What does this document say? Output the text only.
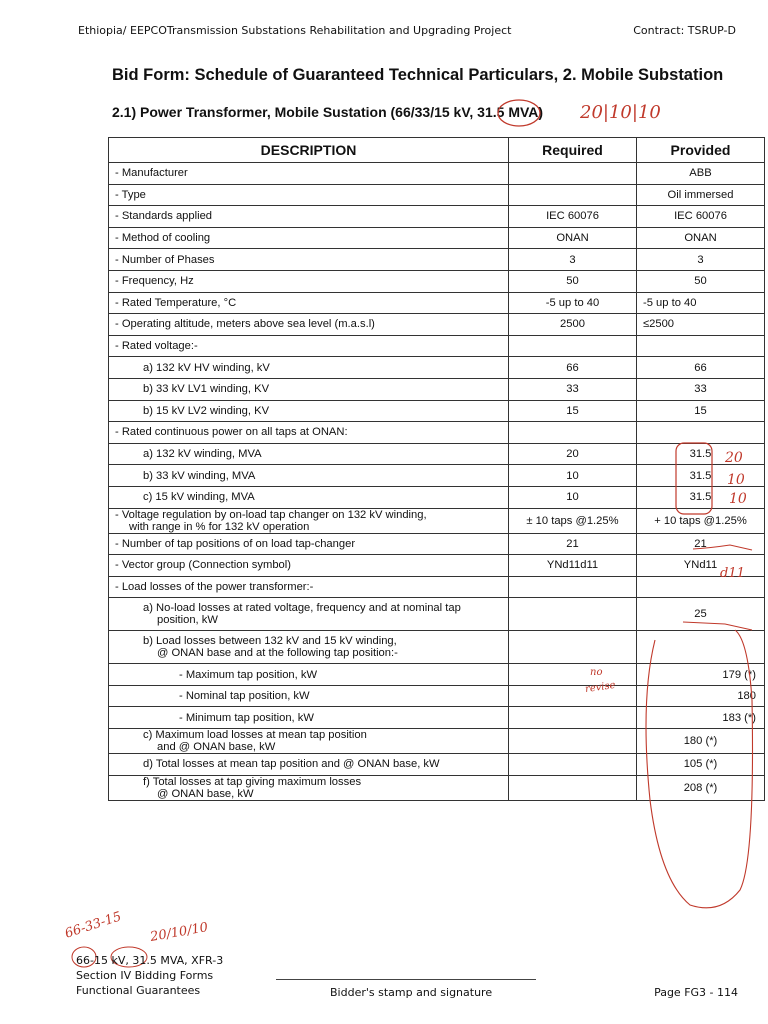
Ethiopia/ EEPCOTransmission Substations Rehabilitation and Upgrading Project	Contract: TSRUP-D
Bid Form: Schedule of Guaranteed Technical Particulars, 2. Mobile Substation
2.1) Power Transformer, Mobile Sustation (66/33/15 kV, 31.5 MVA)
DESCRIPTION	Required	Provided
- Manufacturer		ABB
- Type		Oil immersed
- Standards applied	IEC 60076	IEC 60076
- Method of cooling	ONAN	ONAN
- Number of Phases	3	3
- Frequency, Hz	50	50
- Rated Temperature, °C	-5 up to 40	-5 up to 40
- Operating altitude, meters above sea level (m.a.s.l)	2500	≤2500
- Rated voltage:-		
a) 132 kV HV winding, kV	66	66
b) 33 kV LV1 winding, KV	33	33
b) 15 kV LV2 winding, KV	15	15
- Rated continuous power on all taps at ONAN:		
a) 132 kV winding, MVA	20	31.5
b) 33 kV winding, MVA	10	31.5
c) 15 kV winding, MVA	10	31.5

- Voltage regulation by on-load tap changer on 132 kV winding,
with range in % for 132 kV operation	± 10 taps @1.25%	+ 10 taps @1.25%
- Number of tap positions of on load tap-changer	21	21
- Vector group (Connection symbol)	YNd11d11	YNd11
- Load losses of the power transformer:-		

a) No-load losses at rated voltage, frequency and at nominal tap
position, kW		25

b) Load losses between 132 kV and 15 kV winding,
@ ONAN base and at the following tap position:-		

- Maximum tap position, kW		179 (*)
- Nominal tap position, kW		180
- Minimum tap position, kW		183 (*)

c) Maximum load losses at mean tap position
and @ ONAN base, kW		180 (*)
d) Total losses at mean tap position and @ ONAN base, kW		105 (*)

f) Total losses at tap giving maximum losses
@ ONAN base, kW		208 (*)
20|10|10
20
10
10
d11
no
revise
66-33-15 20/10/10
66-15 kV, 31.5 MVA, XFR-3
Section IV Bidding Forms
Functional Guarantees	Bidder's stamp and signature	Page FG3 - 114
